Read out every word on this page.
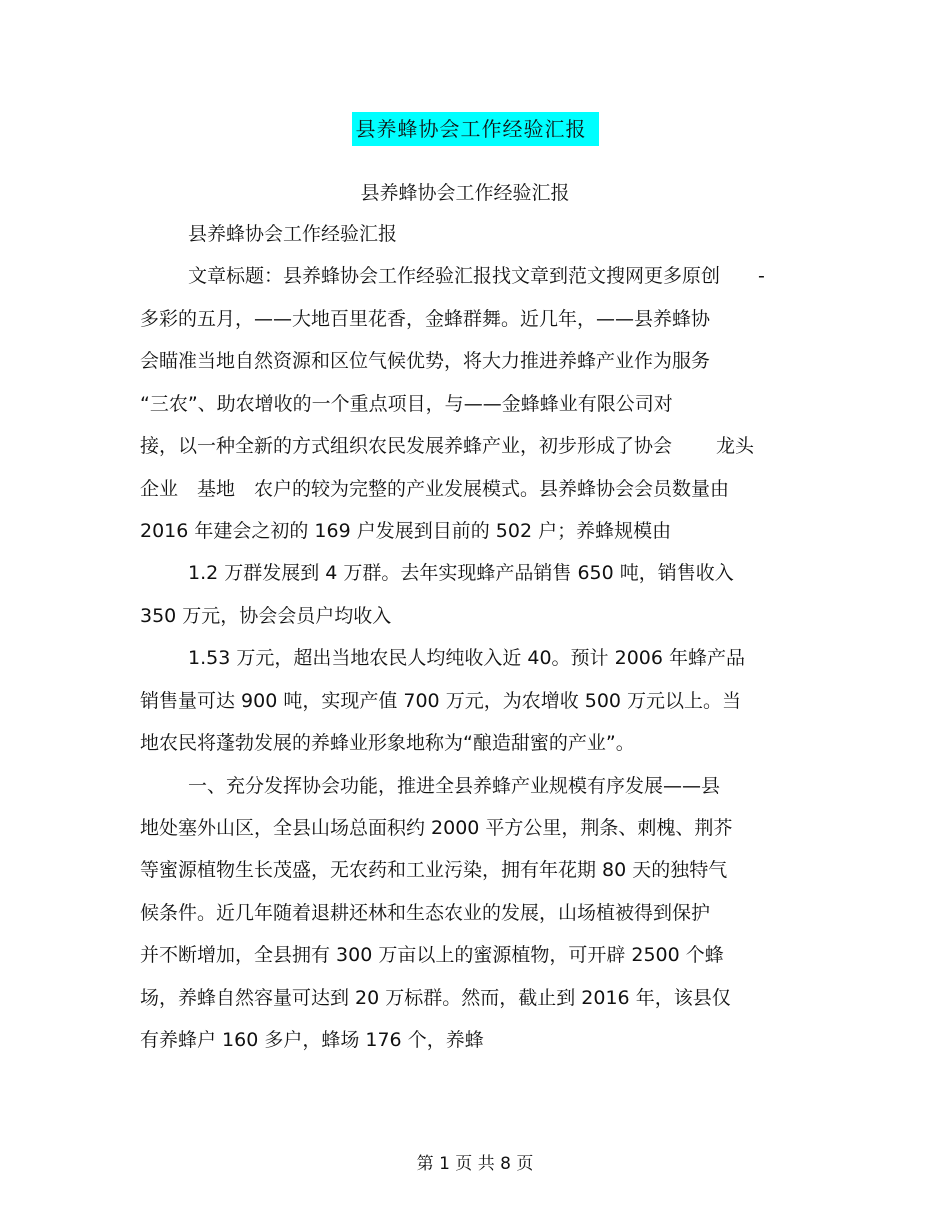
县养蜂协会工作经验汇报
县养蜂协会工作经验汇报
县养蜂协会工作经验汇报
文章标题：县养蜂协会工作经验汇报找文章到范文搜网更多原创　　-
多彩的五月，——大地百里花香，金蜂群舞。近几年，——县养蜂协
会瞄准当地自然资源和区位气候优势，将大力推进养蜂产业作为服务
“三农”、助农增收的一个重点项目，与——金蜂蜂业有限公司对
接，以一种全新的方式组织农民发展养蜂产业，初步形成了协会　　 龙头
企业　基地　农户的较为完整的产业发展模式。县养蜂协会会员数量由
2016 年建会之初的 169 户发展到目前的 502 户；养蜂规模由
1.2 万群发展到 4 万群。去年实现蜂产品销售 650 吨，销售收入
350 万元，协会会员户均收入
1.53 万元，超出当地农民人均纯收入近 40。预计 2006 年蜂产品
销售量可达 900 吨，实现产值 700 万元，为农增收 500 万元以上。当
地农民将蓬勃发展的养蜂业形象地称为“酿造甜蜜的产业”。
一、充分发挥协会功能，推进全县养蜂产业规模有序发展——县
地处塞外山区，全县山场总面积约 2000 平方公里，荆条、刺槐、荆芥
等蜜源植物生长茂盛，无农药和工业污染，拥有年花期 80 天的独特气
候条件。近几年随着退耕还林和生态农业的发展，山场植被得到保护
并不断增加，全县拥有 300 万亩以上的蜜源植物，可开辟 2500 个蜂
场，养蜂自然容量可达到 20 万标群。然而，截止到 2016 年，该县仅
有养蜂户 160 多户，蜂场 176 个，养蜂
第 1 页 共 8 页
